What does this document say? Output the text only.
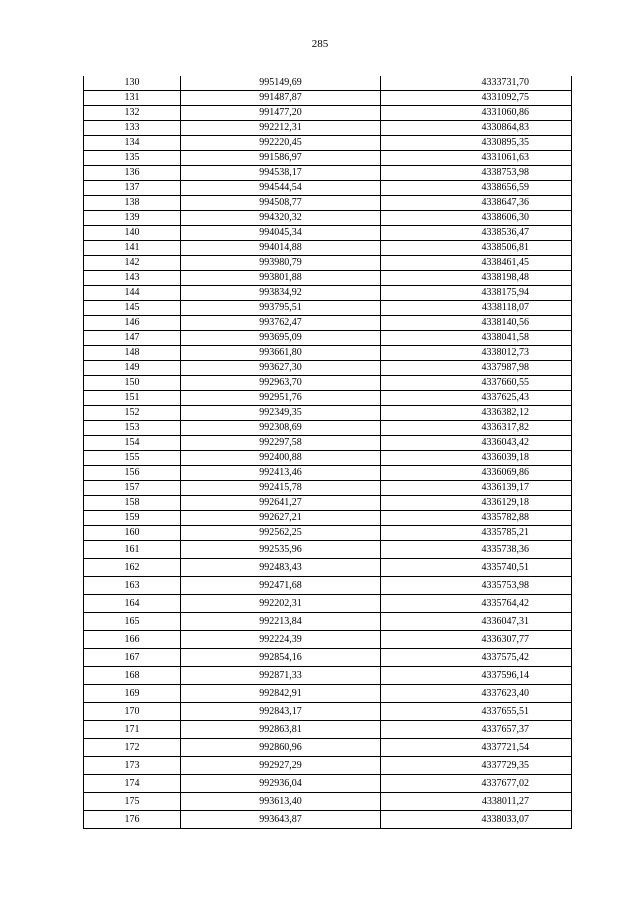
285
130	995149,69	4333731,70
131	991487,87	4331092,75
132	991477,20	4331060,86
133	992212,31	4330864,83
134	992220,45	4330895,35
135	991586,97	4331061,63
136	994538,17	4338753,98
137	994544,54	4338656,59
138	994508,77	4338647,36
139	994320,32	4338606,30
140	994045,34	4338536,47
141	994014,88	4338506,81
142	993980,79	4338461,45
143	993801,88	4338198,48
144	993834,92	4338175,94
145	993795,51	4338118,07
146	993762,47	4338140,56
147	993695,09	4338041,58
148	993661,80	4338012,73
149	993627,30	4337987,98
150	992963,70	4337660,55
151	992951,76	4337625,43
152	992349,35	4336382,12
153	992308,69	4336317,82
154	992297,58	4336043,42
155	992400,88	4336039,18
156	992413,46	4336069,86
157	992415,78	4336139,17
158	992641,27	4336129,18
159	992627,21	4335782,88
160	992562,25	4335785,21
161	992535,96	4335738,36
162	992483,43	4335740,51
163	992471,68	4335753,98
164	992202,31	4335764,42
165	992213,84	4336047,31
166	992224,39	4336307,77
167	992854,16	4337575,42
168	992871,33	4337596,14
169	992842,91	4337623,40
170	992843,17	4337655,51
171	992863,81	4337657,37
172	992860,96	4337721,54
173	992927,29	4337729,35
174	992936,04	4337677,02
175	993613,40	4338011,27
176	993643,87	4338033,07
